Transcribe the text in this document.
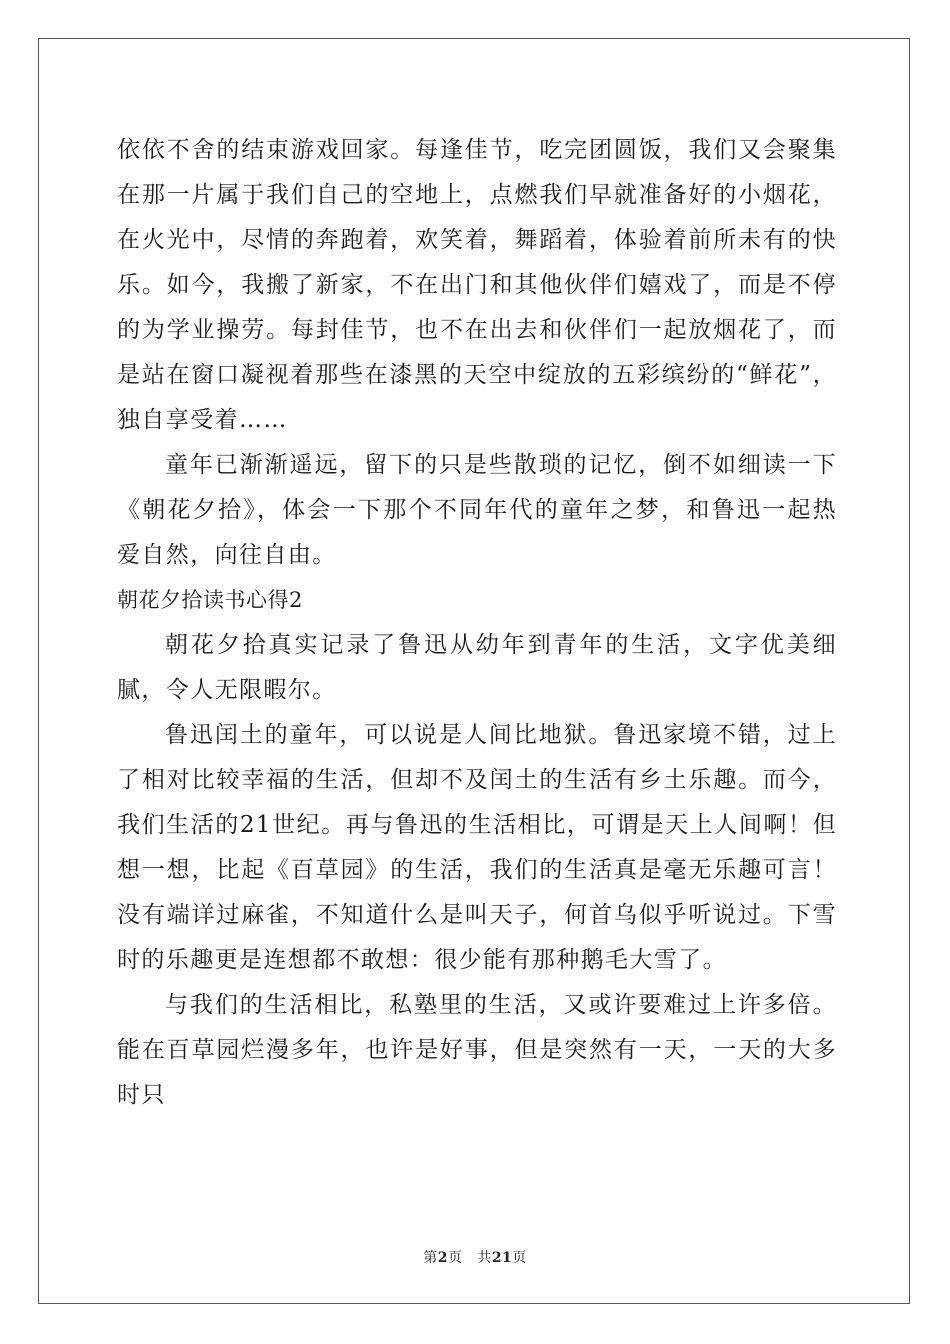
依依不舍的结束游戏回家。每逢佳节，吃完团圆饭，我们又会聚集在那一片属于我们自己的空地上，点燃我们早就准备好的小烟花，在火光中，尽情的奔跑着，欢笑着，舞蹈着，体验着前所未有的快乐。如今，我搬了新家，不在出门和其他伙伴们嬉戏了，而是不停的为学业操劳。每封佳节，也不在出去和伙伴们一起放烟花了，而是站在窗口凝视着那些在漆黑的天空中绽放的五彩缤纷的“鲜花”，独自享受着……

童年已渐渐遥远，留下的只是些散琐的记忆，倒不如细读一下《朝花夕拾》，体会一下那个不同年代的童年之梦，和鲁迅一起热爱自然，向往自由。

朝花夕拾读书心得2

朝花夕拾真实记录了鲁迅从幼年到青年的生活，文字优美细腻，令人无限暇尔。

鲁迅闰土的童年，可以说是人间比地狱。鲁迅家境不错，过上了相对比较幸福的生活，但却不及闰土的生活有乡土乐趣。而今，我们生活的21世纪。再与鲁迅的生活相比，可谓是天上人间啊！但想一想，比起《百草园》的生活，我们的生活真是毫无乐趣可言！没有端详过麻雀，不知道什么是叫天子，何首乌似乎听说过。下雪时的乐趣更是连想都不敢想：很少能有那种鹅毛大雪了。

与我们的生活相比，私塾里的生活，又或许要难过上许多倍。能在百草园烂漫多年，也许是好事，但是突然有一天，一天的大多时只

第2页 共21页
